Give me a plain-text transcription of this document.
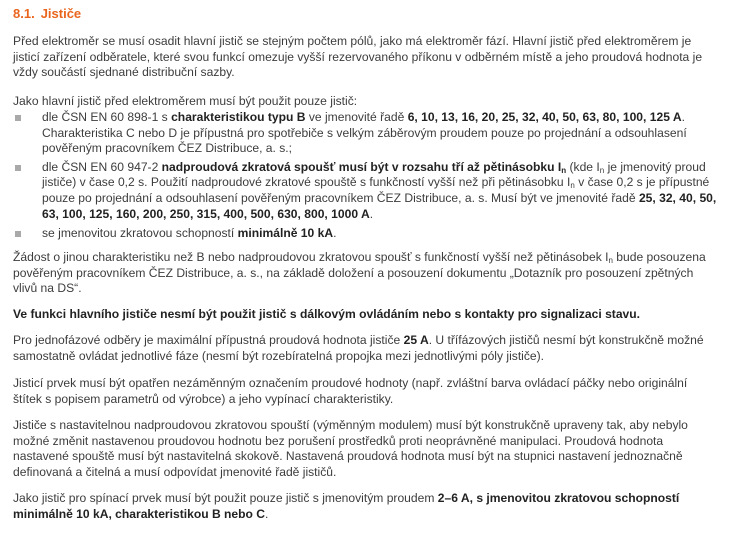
8.1. Jističe

Před elektroměr se musí osadit hlavní jistič se stejným počtem pólů, jako má elektroměr fází. Hlavní jistič před elektroměrem je jisticí zařízení odběratele, které svou funkcí omezuje vyšší rezervovaného příkonu v odběrném místě a jeho proudová hodnota je vždy součástí sjednané distribuční sazby.

Jako hlavní jistič před elektroměrem musí být použit pouze jistič:

dle ČSN EN 60 898-1 s charakteristikou typu B ve jmenovité řadě 6, 10, 13, 16, 20, 25, 32, 40, 50, 63, 80, 100, 125 A. Charakteristika C nebo D je přípustná pro spotřebiče s velkým záběrovým proudem pouze po projednání a odsouhlasení pověřeným pracovníkem ČEZ Distribuce, a. s.;
dle ČSN EN 60 947-2 nadproudová zkratová spoušť musí být v rozsahu tří až pětinásobku $I_n$ (kde $I_n$ je jmenovitý proud jističe) v čase 0,2 s. Použití nadproudové zkratové spouště s funkčností vyšší než při pětinásobku $I_n$ v čase 0,2 s je přípustné pouze po projednání a odsouhlasení pověřeným pracovníkem ČEZ Distribuce, a. s. Musí být ve jmenovité řadě 25, 32, 40, 50, 63, 100, 125, 160, 200, 250, 315, 400, 500, 630, 800, 1000 A.
se jmenovitou zkratovou schopností minimálně 10 kA.

Žádost o jinou charakteristiku než B nebo nadproudovou zkratovou spoušť s funkčností vyšší než pětinásobek $I_n$ bude posouzena pověřeným pracovníkem ČEZ Distribuce, a. s., na základě doložení a posouzení dokumentu „Dotazník pro posouzení zpětných vlivů na DS“.

Ve funkci hlavního jističe nesmí být použit jistič s dálkovým ovládáním nebo s kontakty pro signalizaci stavu.

Pro jednofázové odběry je maximální přípustná proudová hodnota jističe 25 A. U třífázových jističů nesmí být konstrukčně možné samostatně ovládat jednotlivé fáze (nesmí být rozebíratelná propojka mezi jednotlivými póly jističe).

Jisticí prvek musí být opatřen nezáměnným označením proudové hodnoty (např. zvláštní barva ovládací páčky nebo originální štítek s popisem parametrů od výrobce) a jeho vypínací charakteristiky.

Jističe s nastavitelnou nadproudovou zkratovou spouští (výměnným modulem) musí být konstrukčně upraveny tak, aby nebylo možné změnit nastavenou proudovou hodnotu bez porušení prostředků proti neoprávněné manipulaci. Proudová hodnota nastavené spouště musí být nastavitelná skokově. Nastavená proudová hodnota musí být na stupnici nastavení jednoznačně definovaná a čitelná a musí odpovídat jmenovité řadě jističů.

Jako jistič pro spínací prvek musí být použit pouze jistič s jmenovitým proudem 2–6 A, s jmenovitou zkratovou schopností minimálně 10 kA, charakteristikou B nebo C.
